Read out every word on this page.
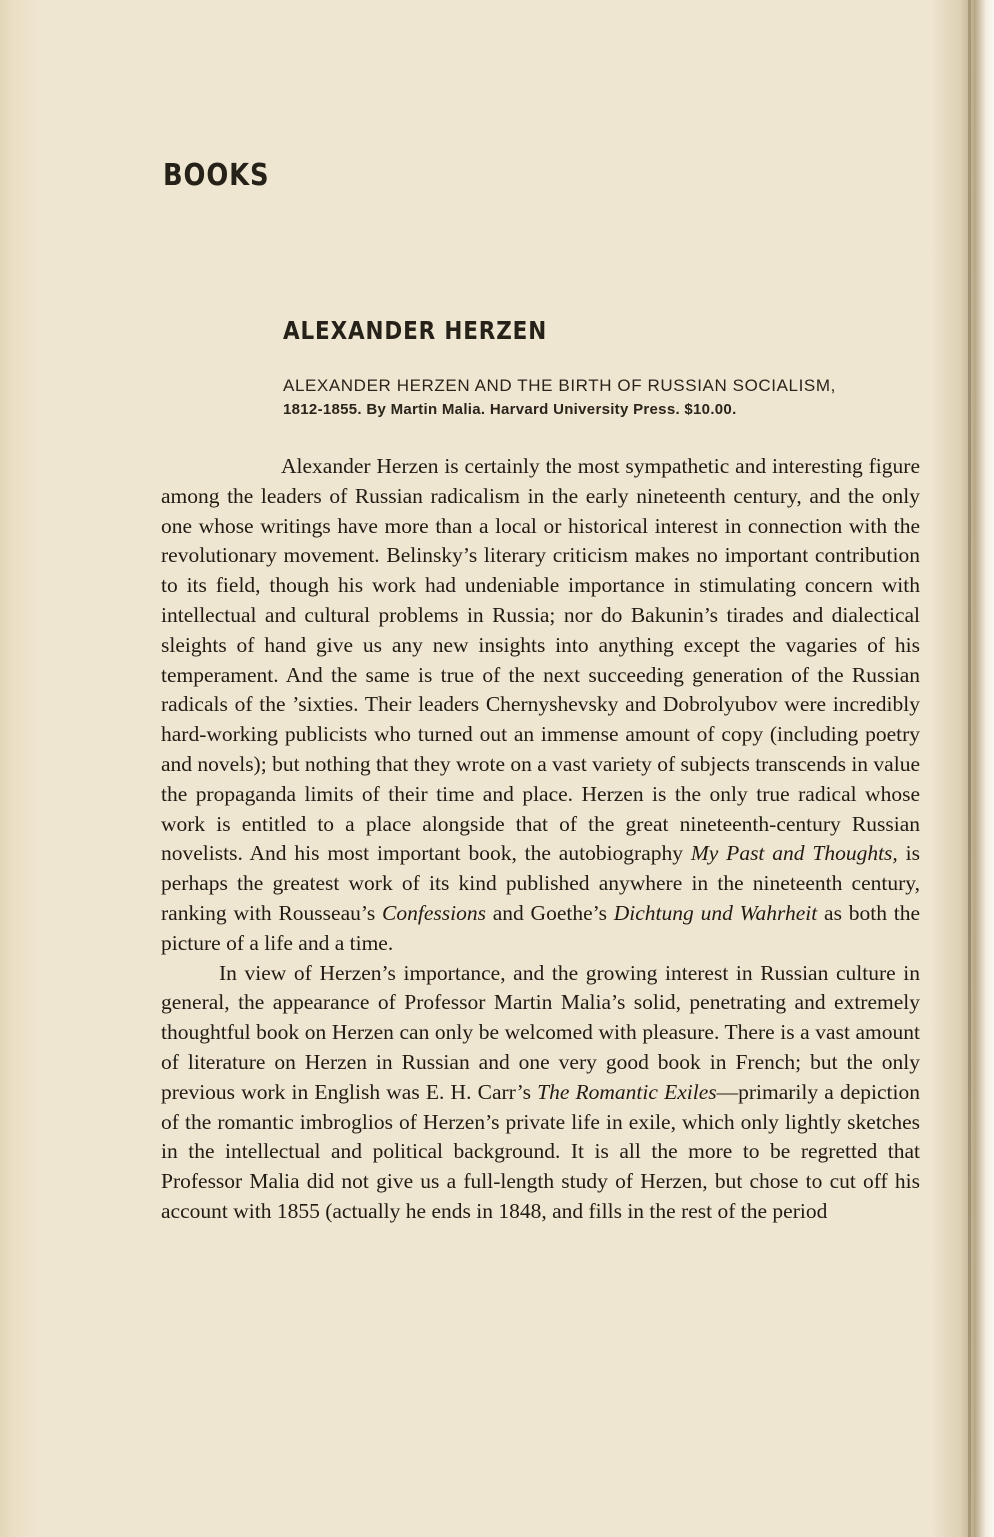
BOOKS
ALEXANDER HERZEN
ALEXANDER HERZEN AND THE BIRTH OF RUSSIAN SOCIALISM,
1812-1855. By Martin Malia. Harvard University Press. $10.00.

Alexander Herzen is certainly the most sympathetic and interesting figure among the leaders of Russian radicalism in the early nineteenth century, and the only one whose writings have more than a local or historical interest in connection with the revolutionary movement. Belinsky’s literary criticism makes no important contribution to its field, though his work had undeniable importance in stimulating concern with intellectual and cultural problems in Russia; nor do Bakunin’s tirades and dialectical sleights of hand give us any new insights into anything except the vagaries of his temperament. And the same is true of the next succeeding generation of the Russian radicals of the ’sixties. Their leaders Chernyshevsky and Dobrolyubov were incredibly hard-working publicists who turned out an immense amount of copy (including poetry and novels); but nothing that they wrote on a vast variety of subjects transcends in value the propaganda limits of their time and place. Herzen is the only true radical whose work is entitled to a place alongside that of the great nineteenth-century Russian novelists. And his most important book, the autobiography My Past and Thoughts, is perhaps the greatest work of its kind published anywhere in the nineteenth century, ranking with Rousseau’s Confessions and Goethe’s Dichtung und Wahrheit as both the picture of a life and a time.

In view of Herzen’s importance, and the growing interest in Russian culture in general, the appearance of Professor Martin Malia’s solid, penetrating and extremely thoughtful book on Herzen can only be welcomed with pleasure. There is a vast amount of literature on Herzen in Russian and one very good book in French; but the only previous work in English was E. H. Carr’s The Romantic Exiles—primarily a depiction of the romantic imbroglios of Herzen’s private life in exile, which only lightly sketches in the intellectual and political background. It is all the more to be regretted that Professor Malia did not give us a full-length study of Herzen, but chose to cut off his account with 1855 (actually he ends in 1848, and fills in the rest of the period
